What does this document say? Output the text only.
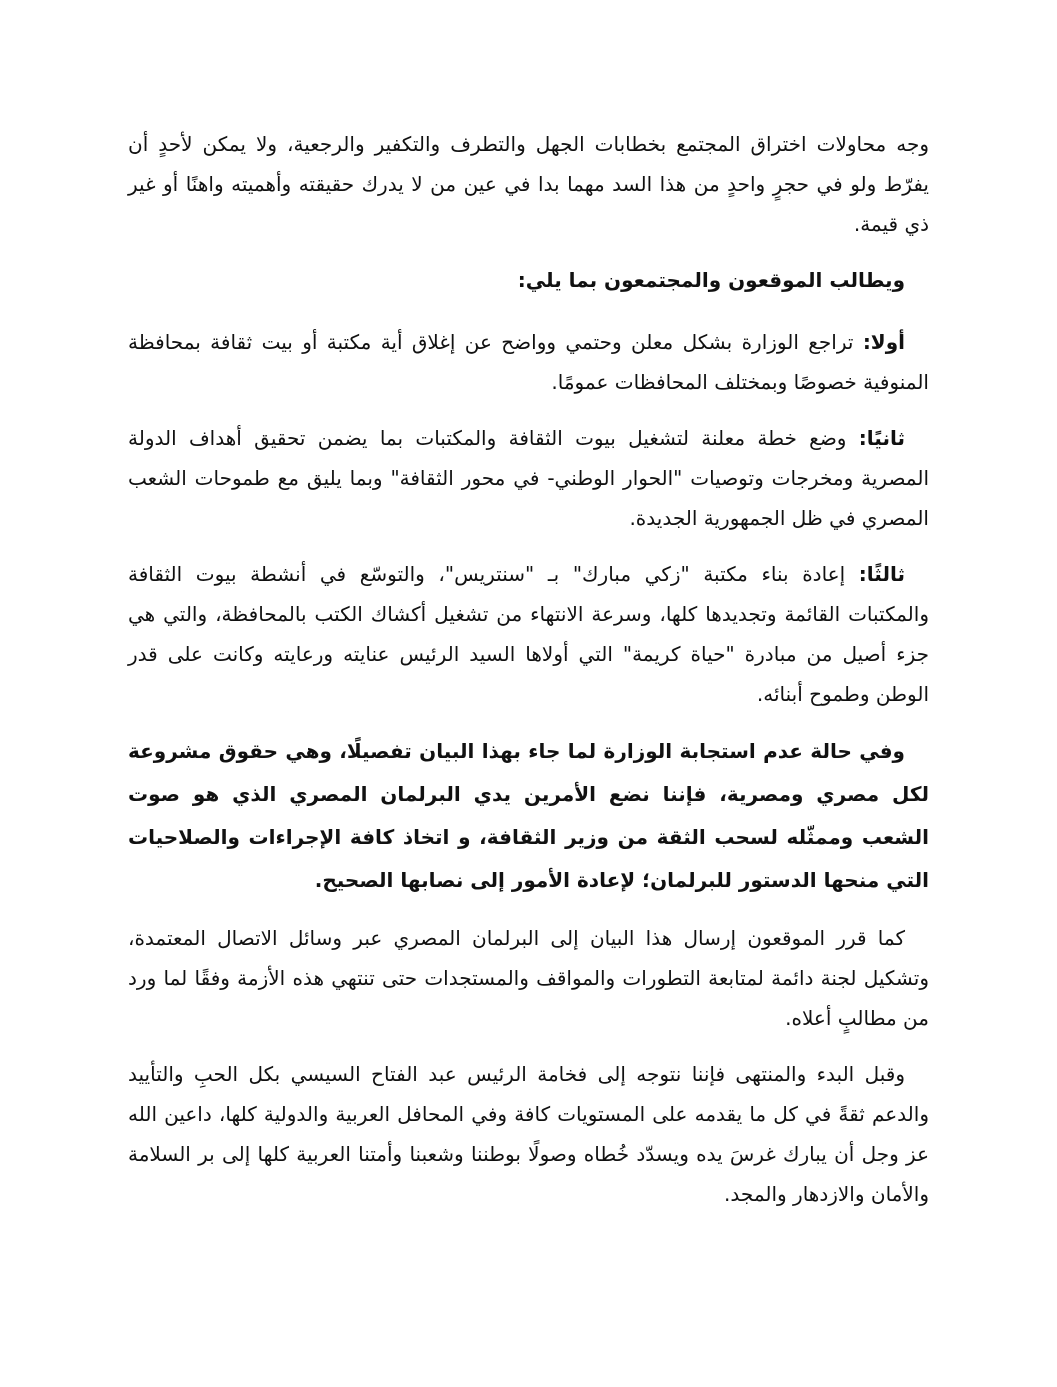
وجه محاولات اختراق المجتمع بخطابات الجهل والتطرف والتكفير والرجعية، ولا يمكن لأحدٍ أن يفرّط ولو في حجرٍ واحدٍ من هذا السد مهما بدا في عين من لا يدرك حقيقته وأهميته واهنًا أو غير ذي قيمة.

ويطالب الموقعون والمجتمعون بما يلي:

أولا: تراجع الوزارة بشكل معلن وحتمي وواضح عن إغلاق أية مكتبة أو بيت ثقافة بمحافظة المنوفية خصوصًا وبمختلف المحافظات عمومًا.

ثانيًا: وضع خطة معلنة لتشغيل بيوت الثقافة والمكتبات بما يضمن تحقيق أهداف الدولة المصرية ومخرجات وتوصيات "الحوار الوطني- في محور الثقافة" وبما يليق مع طموحات الشعب المصري في ظل الجمهورية الجديدة.

ثالثًا: إعادة بناء مكتبة "زكي مبارك" بـ "سنتريس"، والتوسّع في أنشطة بيوت الثقافة والمكتبات القائمة وتجديدها كلها، وسرعة الانتهاء من تشغيل أكشاك الكتب بالمحافظة، والتي هي جزء أصيل من مبادرة "حياة كريمة" التي أولاها السيد الرئيس عنايته ورعايته وكانت على قدر الوطن وطموح أبنائه.

وفي حالة عدم استجابة الوزارة لما جاء بهذا البيان تفصيلًا، وهي حقوق مشروعة لكل مصري ومصرية، فإننا نضع الأمرين يدي البرلمان المصري الذي هو صوت الشعب وممثّله لسحب الثقة من وزير الثقافة، و اتخاذ كافة الإجراءات والصلاحيات التي منحها الدستور للبرلمان؛ لإعادة الأمور إلى نصابها الصحيح.

كما قرر الموقعون إرسال هذا البيان إلى البرلمان المصري عبر وسائل الاتصال المعتمدة، وتشكيل لجنة دائمة لمتابعة التطورات والمواقف والمستجدات حتى تنتهي هذه الأزمة وفقًا لما ورد من مطالبٍ أعلاه.

وقبل البدء والمنتهى فإننا نتوجه إلى فخامة الرئيس عبد الفتاح السيسي بكل الحبِ والتأييد والدعم ثقةً في كل ما يقدمه على المستويات كافة وفي المحافل العربية والدولية كلها، داعين الله عز وجل أن يبارك غرسَ يده ويسدّد خُطاه وصولًا بوطننا وشعبنا وأمتنا العربية كلها إلى بر السلامة والأمان والازدهار والمجد.
